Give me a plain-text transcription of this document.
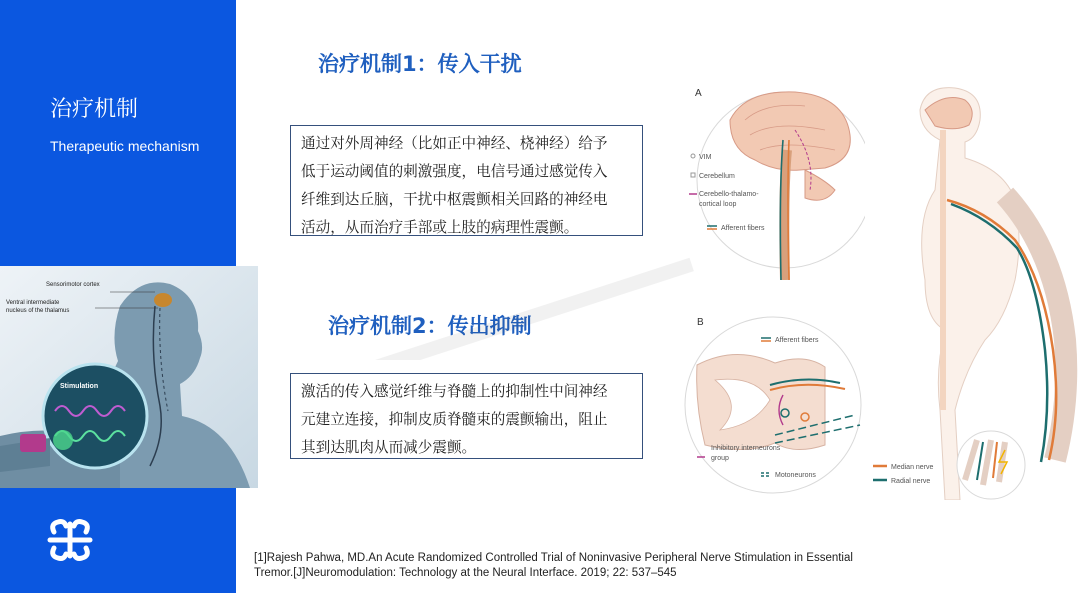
治疗机制
Therapeutic mechanism
Sensorimotor cortex
Ventral intermediate
nucleus of the thalamus
Stimulation
治疗机制1：传入干扰
治疗机制2：传出抑制
通过对外周神经（比如正中神经、桡神经）给予
低于运动阈值的刺激强度，电信号通过感觉传入
纤维到达丘脑，干扰中枢震颤相关回路的神经电
活动，从而治疗手部或上肢的病理性震颤。
激活的传入感觉纤维与脊髓上的抑制性中间神经
元建立连接，抑制皮质脊髓束的震颤输出，阻止
其到达肌肉从而减少震颤。
A
VIM
Cerebellum
Cerebello-thalamo-
cortical loop
Afferent fibers
B
Afferent fibers
Inhibitory interneurons
group
Motoneurons
Median nerve
Radial nerve
[1]Rajesh Pahwa, MD.An Acute Randomized Controlled Trial of Noninvasive Peripheral Nerve Stimulation in Essential
Tremor.[J]Neuromodulation: Technology at the Neural Interface. 2019; 22: 537–545
